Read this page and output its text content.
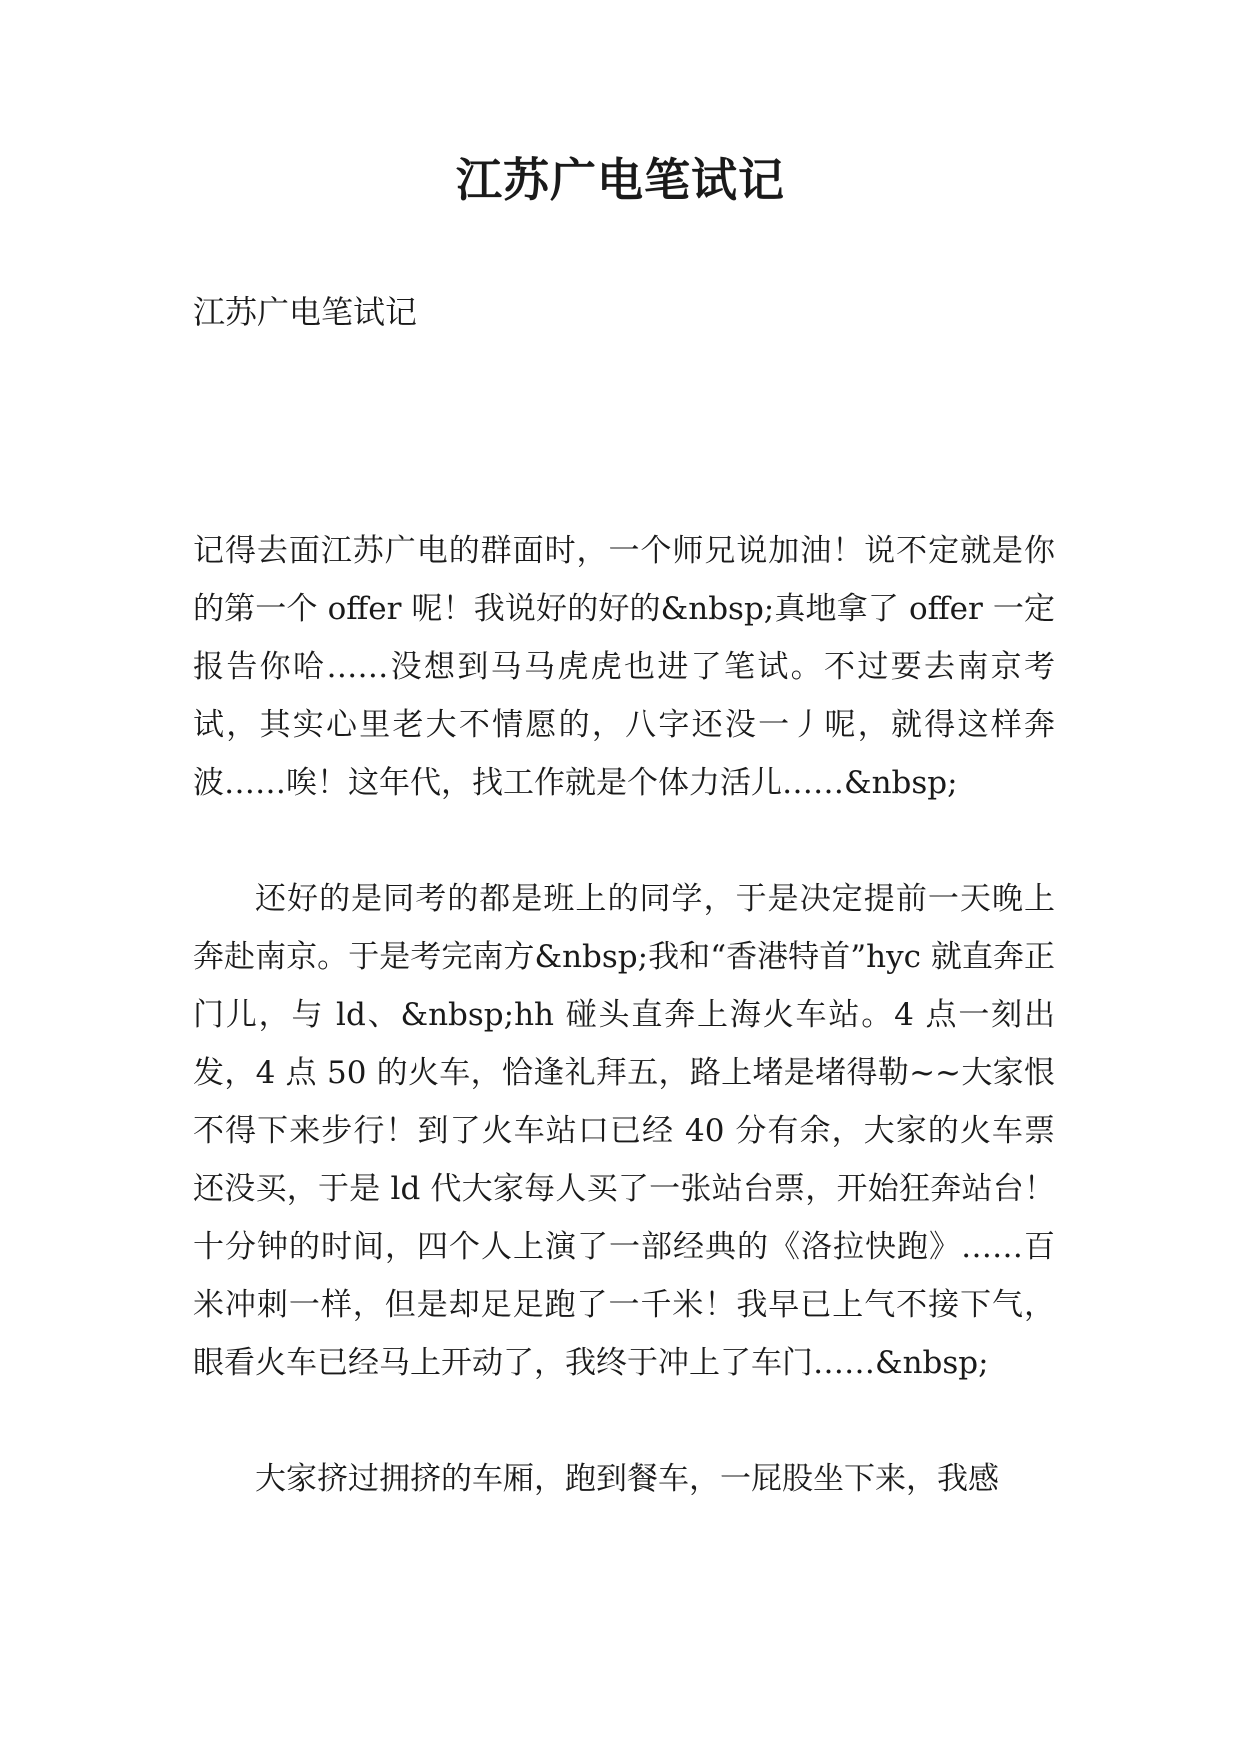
江苏广电笔试记
江苏广电笔试记

记得去面江苏广电的群面时，一个师兄说加油！说不定就是你的第一个 offer 呢！我说好的好的&nbsp;真地拿了 offer 一定报告你哈……没想到马马虎虎也进了笔试。不过要去南京考试，其实心里老大不情愿的，八字还没一丿呢，就得这样奔波……唉！这年代，找工作就是个体力活儿……&nbsp;

还好的是同考的都是班上的同学，于是决定提前一天晚上奔赴南京。于是考完南方&nbsp;我和“香港特首”hyc 就直奔正门儿，与 ld、&nbsp;hh 碰头直奔上海火车站。4 点一刻出发，4 点 50 的火车，恰逢礼拜五，路上堵是堵得勒~~大家恨不得下来步行！到了火车站口已经 40 分有余，大家的火车票还没买，于是 ld 代大家每人买了一张站台票，开始狂奔站台！十分钟的时间，四个人上演了一部经典的《洛拉快跑》……百米冲刺一样，但是却足足跑了一千米！我早已上气不接下气，眼看火车已经马上开动了，我终于冲上了车门……&nbsp;

大家挤过拥挤的车厢，跑到餐车，一屁股坐下来，我感
